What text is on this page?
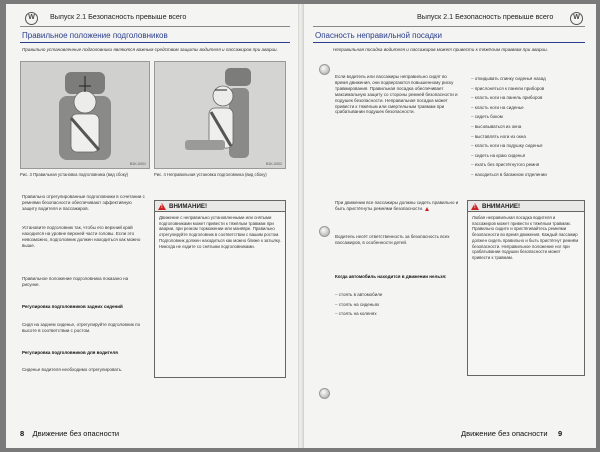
Выпуск 2.1 Безопасность превыше всего
W
Правильное положение подголовников
Правильно установленные подголовники являются важным средством защиты водителя и пассажиров при аварии.
B1K-0001	B1K-0002
Рис. 3 Правильная установка подголовника (вид сбоку)	Рис. 4 Неправильная установка подголовника (вид сбоку)
Правильно отрегулированные подголовники в сочетании с ремнями безопасности обеспечивают эффективную защиту водителя и пассажиров.
Установите подголовник так, чтобы его верхний край находился на уровне верхней части головы. Если это невозможно, подголовник должен находиться как можно выше.
Правильное положение подголовника показано на рисунке.
Регулировка подголовников задних сидений
Сидя на заднем сиденье, отрегулируйте подголовник по высоте в соответствии с ростом.
Регулировка подголовников для водителя
Сиденье водителя необходимо отрегулировать.
!
ВНИМАНИЕ!
Движение с неправильно установленными или снятыми подголовниками может привести к тяжёлым травмам при аварии, при резком торможении или манёвре. Правильно отрегулируйте подголовник в соответствии с вашим ростом. Подголовник должен находиться как можно ближе к затылку. Никогда не ездите со снятыми подголовниками.
8 Движение без опасности
Выпуск 2.1 Безопасность превыше всего	W
Опасность неправильной посадки
Неправильная посадка водителя и пассажиров может привести к тяжёлым травмам при аварии.
Если водитель или пассажиры неправильно сидят во время движения, они подвергаются повышенному риску травмирования. Правильная посадка обеспечивает максимальную защиту со стороны ремней безопасности и подушек безопасности. Неправильная посадка может привести к тяжёлым или смертельным травмам при срабатывании подушек безопасности.
При движении все пассажиры должны сидеть правильно и быть пристёгнуты ремнями безопасности.
Водитель несёт ответственность за безопасность всех пассажиров, в особенности детей.
Когда автомобиль находится в движении нельзя:
– стоять в автомобиле
– стоять на сиденьях
– стоять на коленях
– откидывать спинку сиденья назад
– прислоняться к панели приборов
– класть ноги на панель приборов
– класть ноги на сиденье
– сидеть боком
– высовываться из окна
– выставлять ноги из окна
– класть ноги на подушку сиденья
– сидеть на краю сиденья
– ехать без пристёгнутого ремня
– находиться в багажном отделении
!
ВНИМАНИЕ!
Любая неправильная посадка водителя и пассажиров может привести к тяжёлым травмам. Правильно сидите и пристёгивайтесь ремнями безопасности во время движения. Каждый пассажир должен сидеть правильно и быть пристёгнут ремнём безопасности. Неправильное положение ног при срабатывании подушки безопасности может привести к травмам.
Движение без опасности 9
